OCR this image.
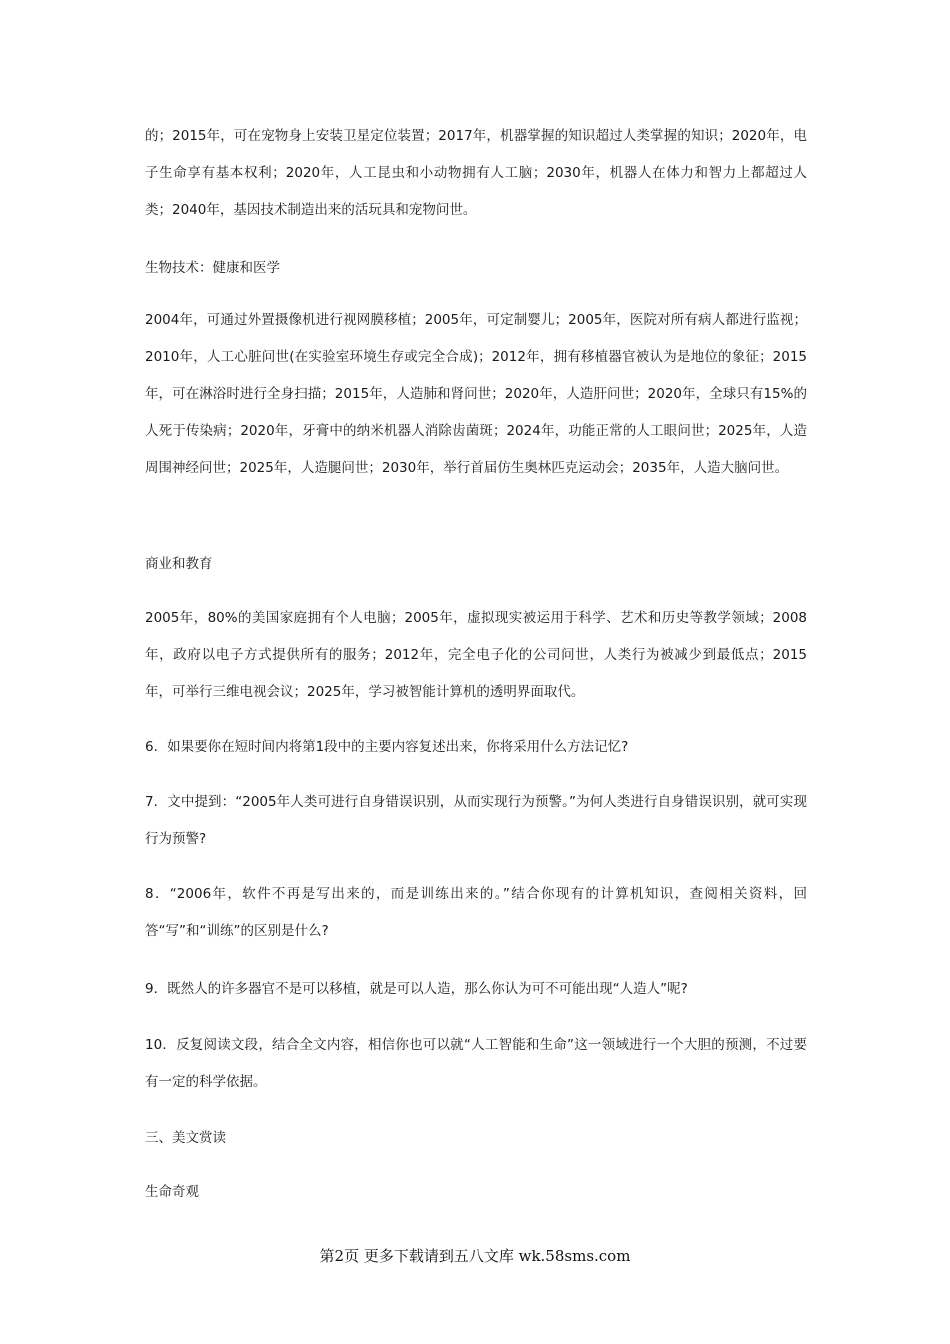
的；2015年，可在宠物身上安装卫星定位装置；2017年，机器掌握的知识超过人类掌握的知识；2020年，电子生命享有基本权利；2020年，人工昆虫和小动物拥有人工脑；2030年，机器人在体力和智力上都超过人类；2040年，基因技术制造出来的活玩具和宠物问世。

生物技术：健康和医学

2004年，可通过外置摄像机进行视网膜移植；2005年，可定制婴儿；2005年，医院对所有病人都进行监视；2010年，人工心脏问世(在实验室环境生存或完全合成)；2012年，拥有移植器官被认为是地位的象征；2015年，可在淋浴时进行全身扫描；2015年，人造肺和肾问世；2020年，人造肝问世；2020年，全球只有15%的人死于传染病；2020年，牙膏中的纳米机器人消除齿菌斑；2024年，功能正常的人工眼问世；2025年，人造周围神经问世；2025年，人造腿问世；2030年，举行首届仿生奥林匹克运动会；2035年，人造大脑问世。

商业和教育

2005年，80%的美国家庭拥有个人电脑；2005年，虚拟现实被运用于科学、艺术和历史等教学领域；2008年，政府以电子方式提供所有的服务；2012年，完全电子化的公司问世，人类行为被减少到最低点；2015年，可举行三维电视会议；2025年，学习被智能计算机的透明界面取代。

6．如果要你在短时间内将第1段中的主要内容复述出来，你将采用什么方法记忆?

7．文中提到：“2005年人类可进行自身错误识别，从而实现行为预警。”为何人类进行自身错误识别，就可实现行为预警?

8．“2006年，软件不再是写出来的，而是训练出来的。”结合你现有的计算机知识，查阅相关资料，回答“写”和“训练”的区别是什么?

9．既然人的许多器官不是可以移植，就是可以人造，那么你认为可不可能出现“人造人”呢?

10．反复阅读文段，结合全文内容，相信你也可以就“人工智能和生命”这一领域进行一个大胆的预测，不过要有一定的科学依据。

三、美文赏读

生命奇观

第2页 更多下载请到五八文库 wk.58sms.com
